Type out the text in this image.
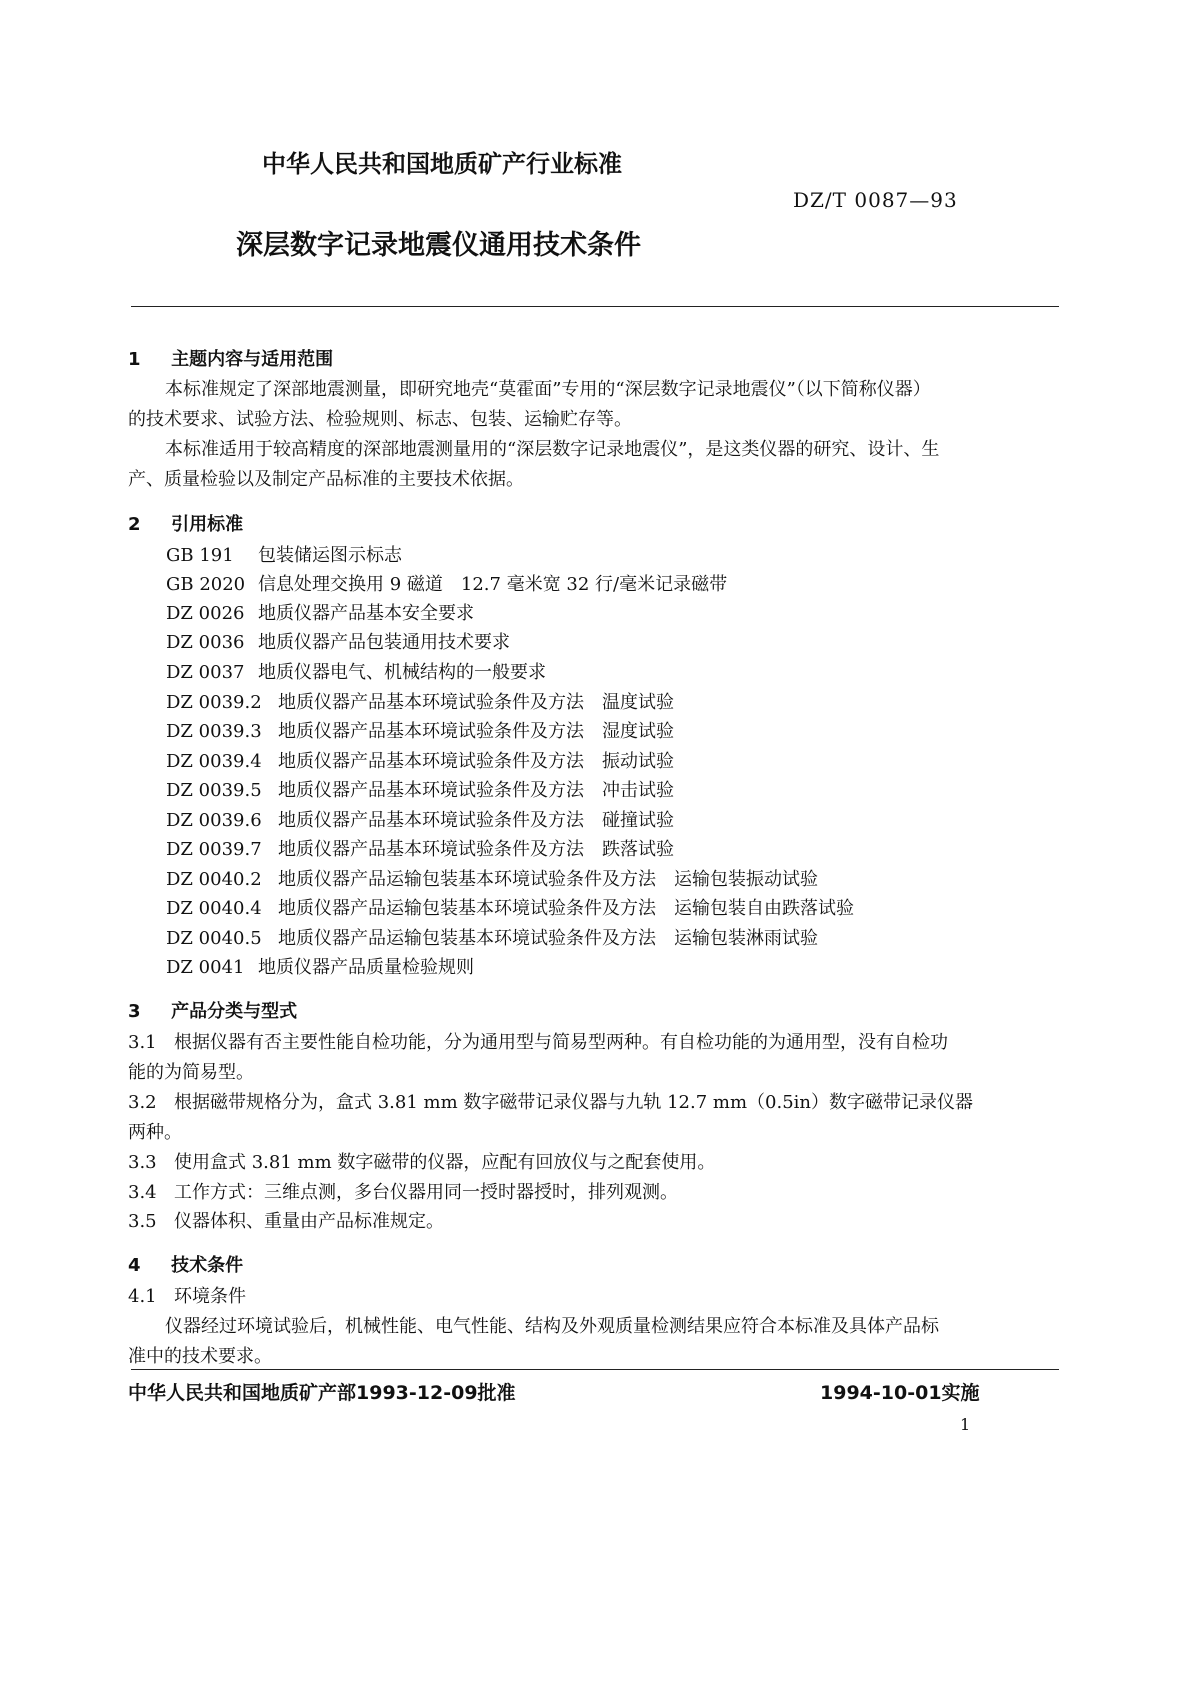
中华人民共和国地质矿产行业标准
DZ/T 0087—93
深层数字记录地震仪通用技术条件
1 主题内容与适用范围
本标准规定了深部地震测量，即研究地壳“莫霍面”专用的“深层数字记录地震仪”（以下简称仪器）
的技术要求、试验方法、检验规则、标志、包装、运输贮存等。
本标准适用于较高精度的深部地震测量用的“深层数字记录地震仪”，是这类仪器的研究、设计、生
产、质量检验以及制定产品标准的主要技术依据。
2 引用标准
GB 191 包装储运图示标志
GB 2020 信息处理交换用 9 磁道　12.7 毫米宽 32 行/毫米记录磁带
DZ 0026 地质仪器产品基本安全要求
DZ 0036 地质仪器产品包装通用技术要求
DZ 0037 地质仪器电气、机械结构的一般要求
DZ 0039.2 地质仪器产品基本环境试验条件及方法　温度试验
DZ 0039.3 地质仪器产品基本环境试验条件及方法　湿度试验
DZ 0039.4 地质仪器产品基本环境试验条件及方法　振动试验
DZ 0039.5 地质仪器产品基本环境试验条件及方法　冲击试验
DZ 0039.6 地质仪器产品基本环境试验条件及方法　碰撞试验
DZ 0039.7 地质仪器产品基本环境试验条件及方法　跌落试验
DZ 0040.2 地质仪器产品运输包装基本环境试验条件及方法　运输包装振动试验
DZ 0040.4 地质仪器产品运输包装基本环境试验条件及方法　运输包装自由跌落试验
DZ 0040.5 地质仪器产品运输包装基本环境试验条件及方法　运输包装淋雨试验
DZ 0041 地质仪器产品质量检验规则
3 产品分类与型式
3.1 根据仪器有否主要性能自检功能，分为通用型与简易型两种。有自检功能的为通用型，没有自检功
能的为简易型。
3.2 根据磁带规格分为，盒式 3.81 mm 数字磁带记录仪器与九轨 12.7 mm（0.5in）数字磁带记录仪器
两种。
3.3 使用盒式 3.81 mm 数字磁带的仪器，应配有回放仪与之配套使用。
3.4 工作方式：三维点测，多台仪器用同一授时器授时，排列观测。
3.5 仪器体积、重量由产品标准规定。
4 技术条件
4.1 环境条件
仪器经过环境试验后，机械性能、电气性能、结构及外观质量检测结果应符合本标准及具体产品标
准中的技术要求。
中华人民共和国地质矿产部1993-12-09批准	1994-10-01实施
1
